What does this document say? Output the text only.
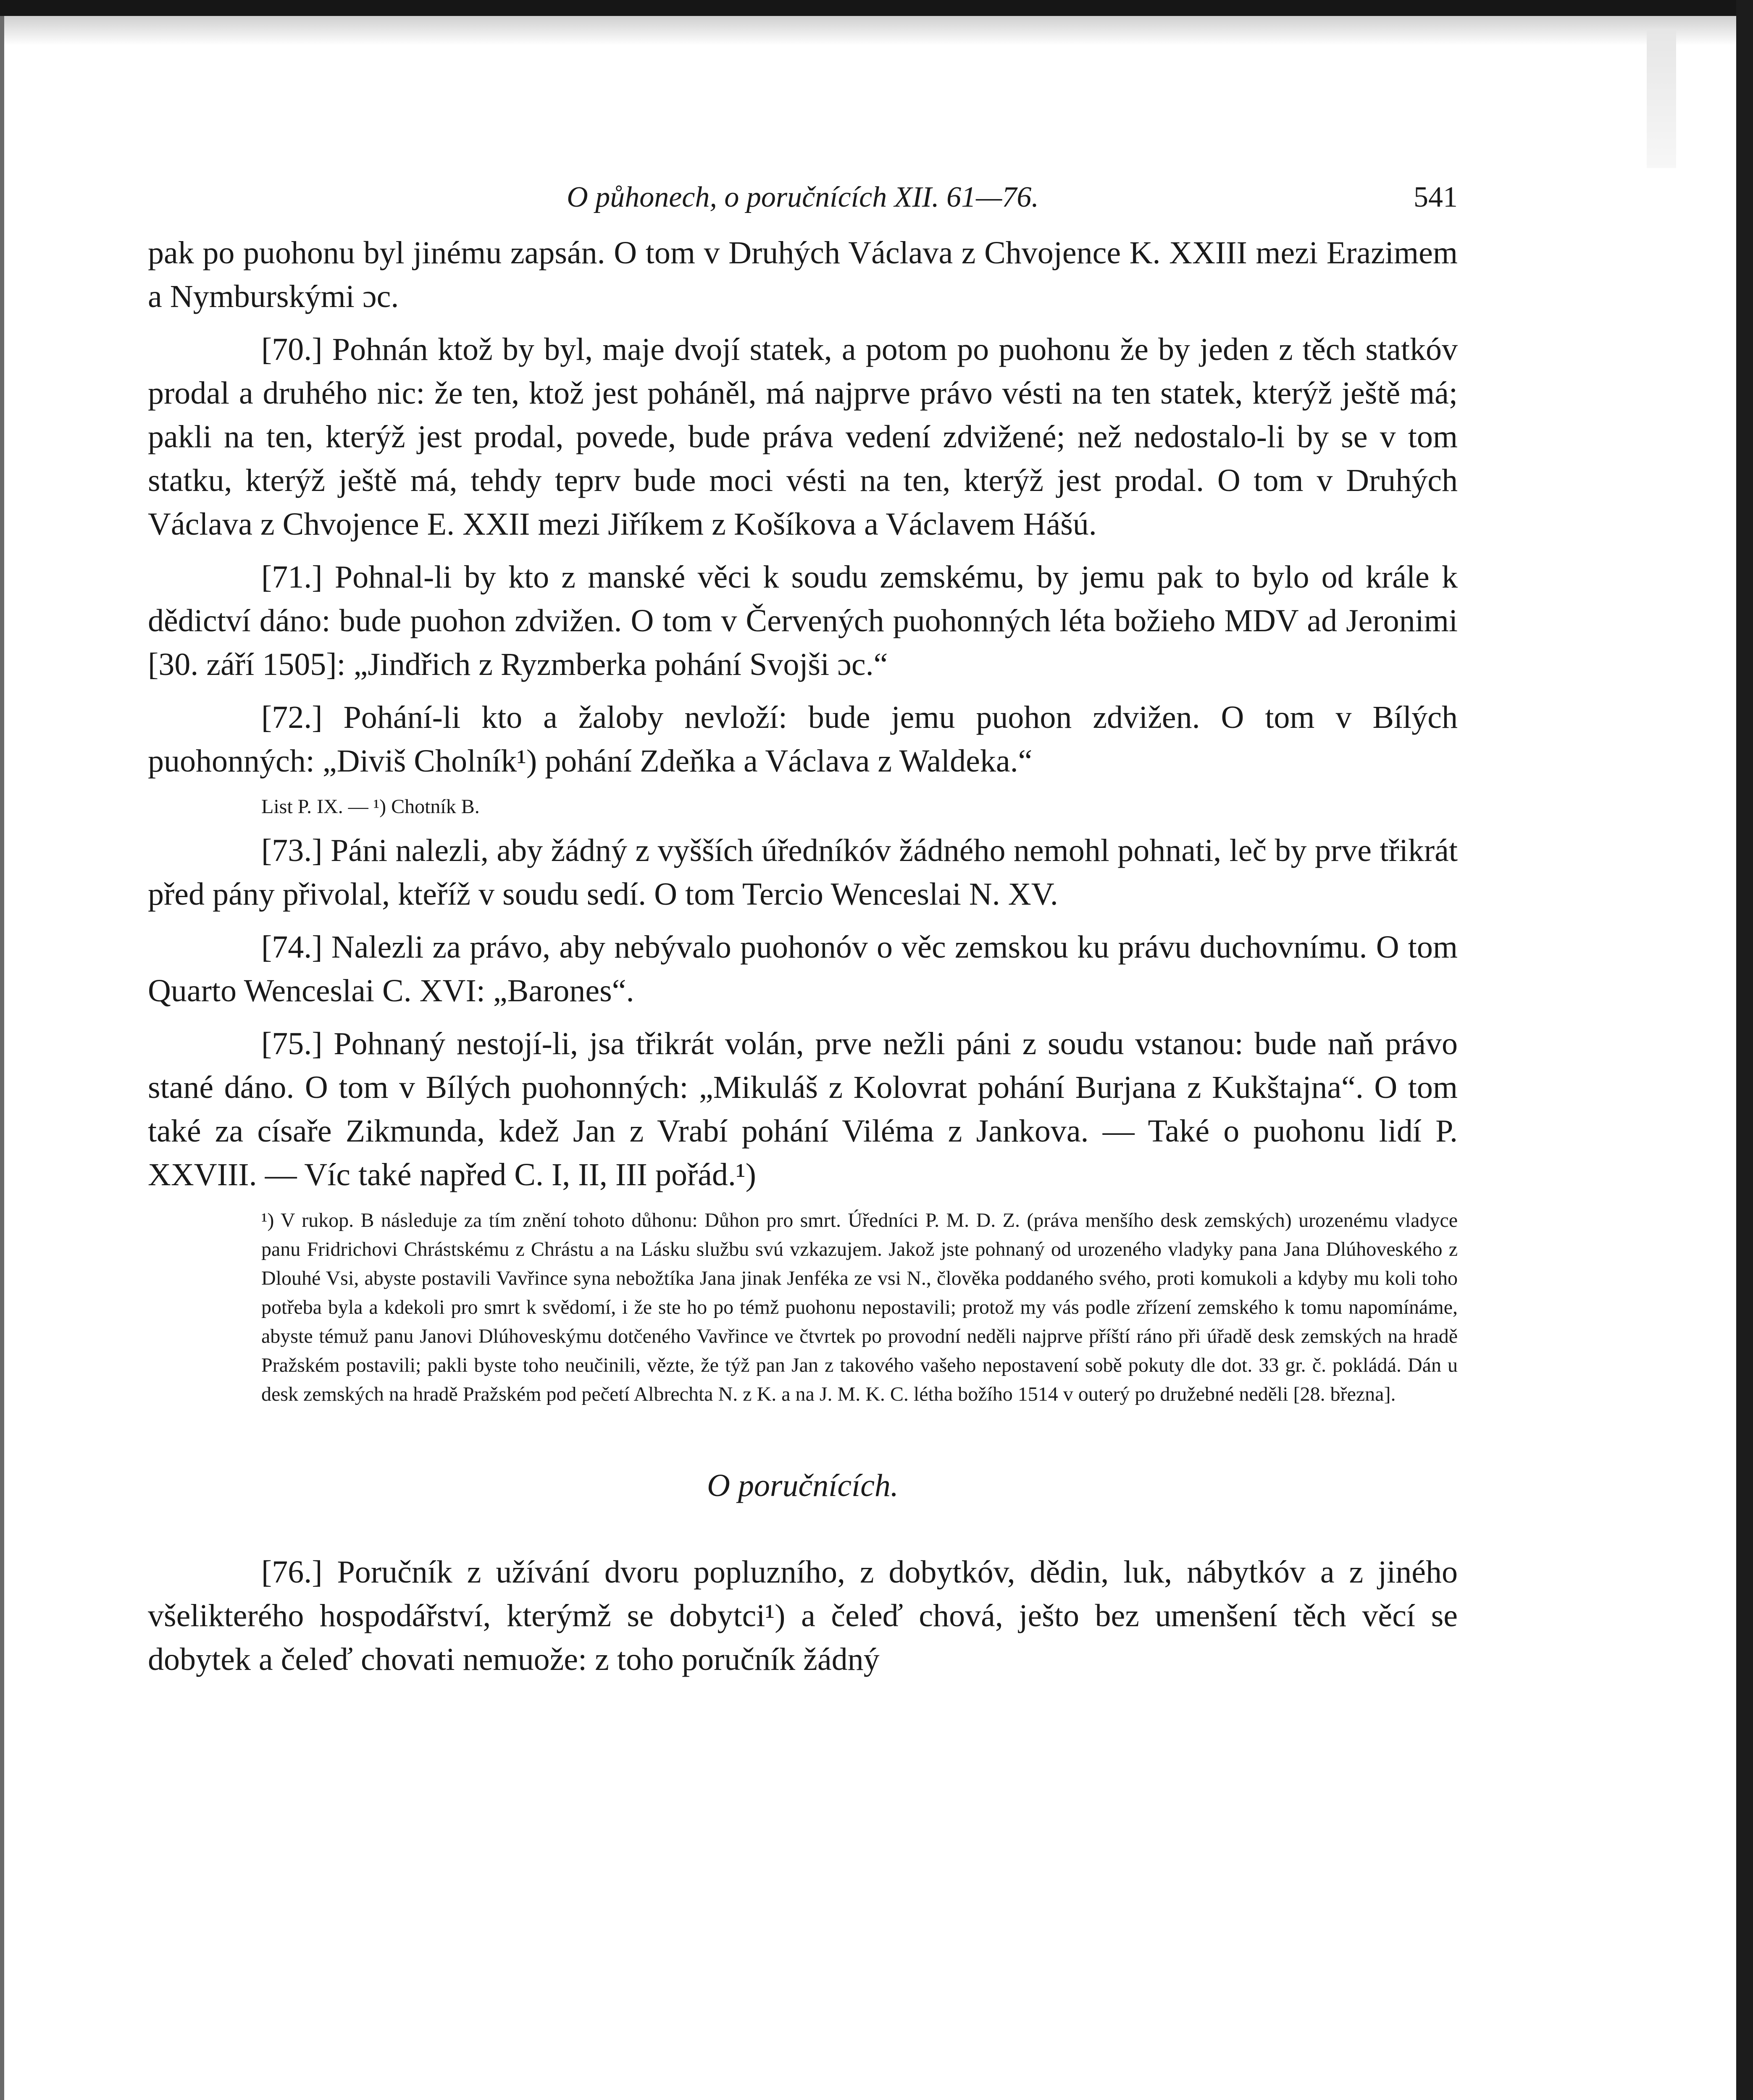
O půhonech, o poručnících XII. 61—76.	541

pak po puohonu byl jinému zapsán. O tom v Druhých Václava z Chvojence K. XXIII mezi Erazimem a Nymburskými ɔc.

[70.] Pohnán ktož by byl, maje dvojí statek, a potom po puohonu že by jeden z těch statkóv prodal a druhého nic: že ten, ktož jest poháněl, má najprve právo vésti na ten statek, kterýž ještě má; pakli na ten, kterýž jest prodal, povede, bude práva vedení zdvižené; než nedostalo-li by se v tom statku, kterýž ještě má, tehdy teprv bude moci vésti na ten, kterýž jest prodal. O tom v Druhých Václava z Chvojence E. XXII mezi Jiříkem z Košíkova a Václavem Hášú.

[71.] Pohnal-li by kto z manské věci k soudu zemskému, by jemu pak to bylo od krále k dědictví dáno: bude puohon zdvižen. O tom v Červených puohonných léta božieho MDV ad Jeronimi [30. září 1505]: „Jindřich z Ryzmberka pohání Svojši ɔc.“

[72.] Pohání-li kto a žaloby nevloží: bude jemu puohon zdvižen. O tom v Bílých puohonných: „Diviš Cholník¹) pohání Zdeňka a Václava z Waldeka.“

List P. IX. — ¹) Chotník B.

[73.] Páni nalezli, aby žádný z vyšších úředníkóv žádného nemohl pohnati, leč by prve třikrát před pány přivolal, kteříž v soudu sedí. O tom Tercio Wenceslai N. XV.

[74.] Nalezli za právo, aby nebývalo puohonóv o věc zemskou ku právu duchovnímu. O tom Quarto Wenceslai C. XVI: „Barones“.

[75.] Pohnaný nestojí-li, jsa třikrát volán, prve nežli páni z soudu vstanou: bude naň právo stané dáno. O tom v Bílých puohonných: „Mikuláš z Kolovrat pohání Burjana z Kukštajna“. O tom také za císaře Zikmunda, kdež Jan z Vrabí pohání Viléma z Jankova. — Také o puohonu lidí P. XXVIII. — Víc také napřed C. I, II, III pořád.¹)

¹) V rukop. B následuje za tím znění tohoto důhonu: Důhon pro smrt. Úředníci P. M. D. Z. (práva menšího desk zemských) urozenému vladyce panu Fridrichovi Chrástskému z Chrástu a na Lásku službu svú vzkazujem. Jakož jste pohnaný od urozeného vladyky pana Jana Dlúhoveského z Dlouhé Vsi, abyste postavili Vavřince syna nebožtíka Jana jinak Jenféka ze vsi N., člověka poddaného svého, proti komukoli a kdyby mu koli toho potřeba byla a kdekoli pro smrt k svědomí, i že ste ho po témž puohonu nepostavili; protož my vás podle zřízení zemského k tomu napomínáme, abyste témuž panu Janovi Dlúhoveskýmu dotčeného Vavřince ve čtvrtek po provodní neděli najprve příští ráno při úřadě desk zemských na hradě Pražském postavili; pakli byste toho neučinili, vězte, že týž pan Jan z takového vašeho nepostavení sobě pokuty dle dot. 33 gr. č. pokládá. Dán u desk zemských na hradě Pražském pod pečetí Albrechta N. z K. a na J. M. K. C. létha božího 1514 v outerý po družebné neděli [28. března].

O poručnících.

[76.] Poručník z užívání dvoru popluzního, z dobytkóv, dědin, luk, nábytkóv a z jiného všelikterého hospodářství, kterýmž se dobytci¹) a čeleď chová, ješto bez umenšení těch věcí se dobytek a čeleď chovati nemuože: z toho poručník žádný
